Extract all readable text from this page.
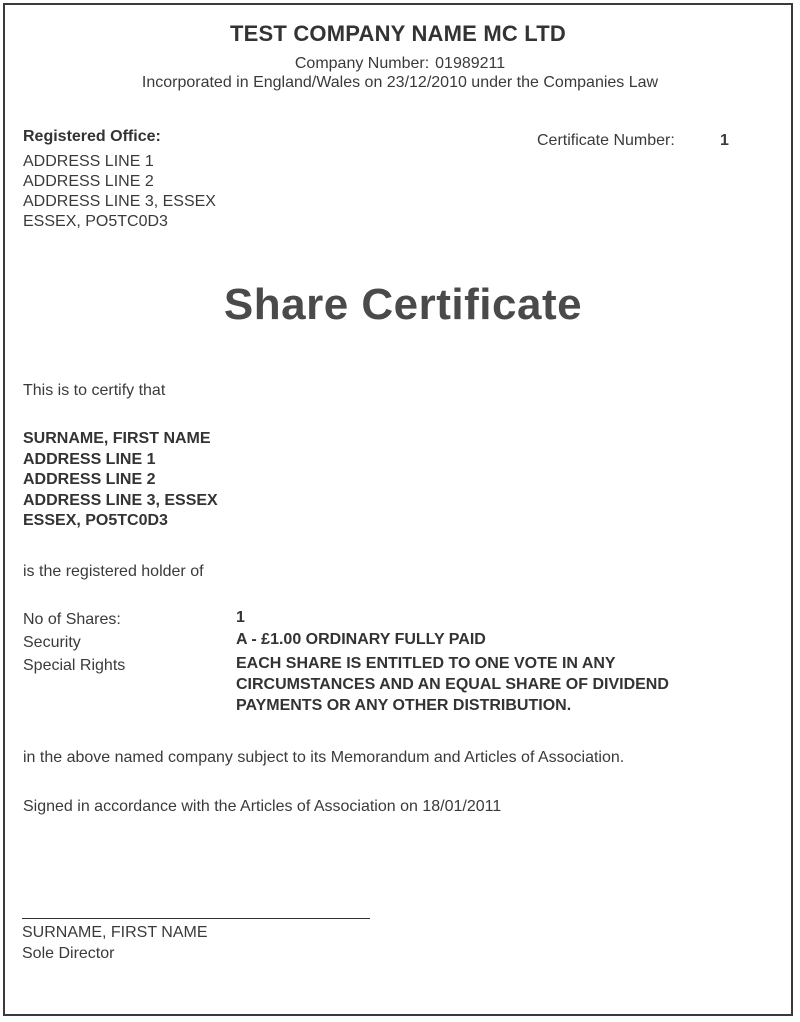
TEST COMPANY NAME MC LTD
Company Number: 01989211
Incorporated in England/Wales on 23/12/2010 under the Companies Law
Registered Office:
ADDRESS LINE 1
ADDRESS LINE 2
ADDRESS LINE 3, ESSEX
ESSEX, PO5TC0D3
Certificate Number:	1
Share Certificate
This is to certify that
SURNAME, FIRST NAME
ADDRESS LINE 1
ADDRESS LINE 2
ADDRESS LINE 3, ESSEX
ESSEX, PO5TC0D3
is the registered holder of
No of Shares:
Security
Special Rights
1
A - £1.00 ORDINARY FULLY PAID
EACH SHARE IS ENTITLED TO ONE VOTE IN ANY
CIRCUMSTANCES AND AN EQUAL SHARE OF DIVIDEND
PAYMENTS OR ANY OTHER DISTRIBUTION.
in the above named company subject to its Memorandum and Articles of Association.
Signed in accordance with the Articles of Association on 18/01/2011
SURNAME, FIRST NAME
Sole Director
